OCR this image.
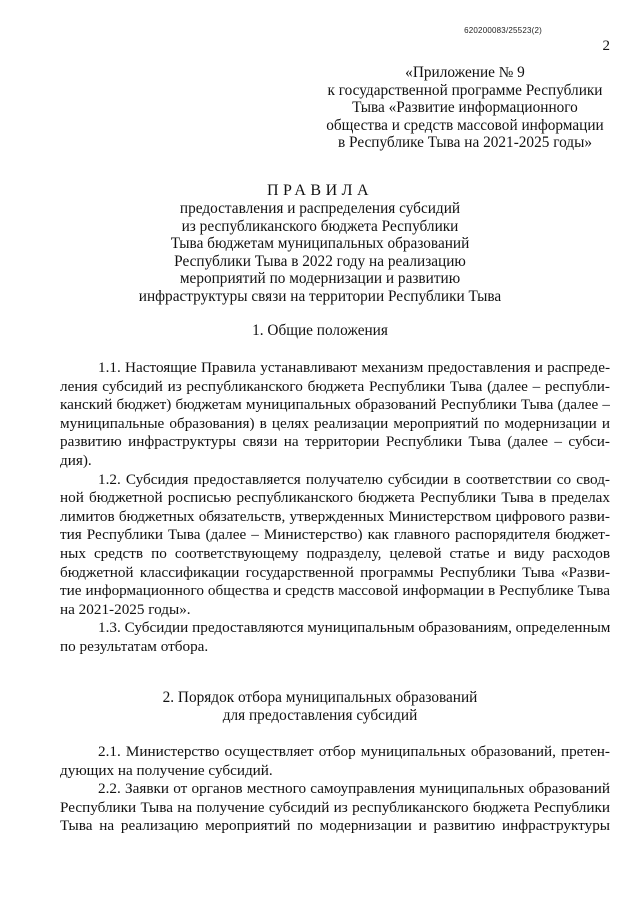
620200083/25523(2)
2
«Приложение № 9
к государственной программе Республики
Тыва «Развитие информационного
общества и средств массовой информации
в Республике Тыва на 2021-2025 годы»
ПРАВИЛА
предоставления и распределения субсидий
из республиканского бюджета Республики
Тыва бюджетам муниципальных образований
Республики Тыва в 2022 году на реализацию
мероприятий по модернизации и развитию
инфраструктуры связи на территории Республики Тыва
1. Общие положения
1.1. Настоящие Правила устанавливают механизм предоставления и распреде-
ления субсидий из республиканского бюджета Республики Тыва (далее – республи-
канский бюджет) бюджетам муниципальных образований Республики Тыва (далее –
муниципальные образования) в целях реализации мероприятий по модернизации и
развитию инфраструктуры связи на территории Республики Тыва (далее – субси-
дия).
1.2. Субсидия предоставляется получателю субсидии в соответствии со свод-
ной бюджетной росписью республиканского бюджета Республики Тыва в пределах
лимитов бюджетных обязательств, утвержденных Министерством цифрового разви-
тия Республики Тыва (далее – Министерство) как главного распорядителя бюджет-
ных средств по соответствующему подразделу, целевой статье и виду расходов
бюджетной классификации государственной программы Республики Тыва «Разви-
тие информационного общества и средств массовой информации в Республике Тыва
на 2021-2025 годы».
1.3. Субсидии предоставляются муниципальным образованиям, определенным
по результатам отбора.
2. Порядок отбора муниципальных образований
для предоставления субсидий
2.1. Министерство осуществляет отбор муниципальных образований, претен-
дующих на получение субсидий.
2.2. Заявки от органов местного самоуправления муниципальных образований
Республики Тыва на получение субсидий из республиканского бюджета Республики
Тыва на реализацию мероприятий по модернизации и развитию инфраструктуры
